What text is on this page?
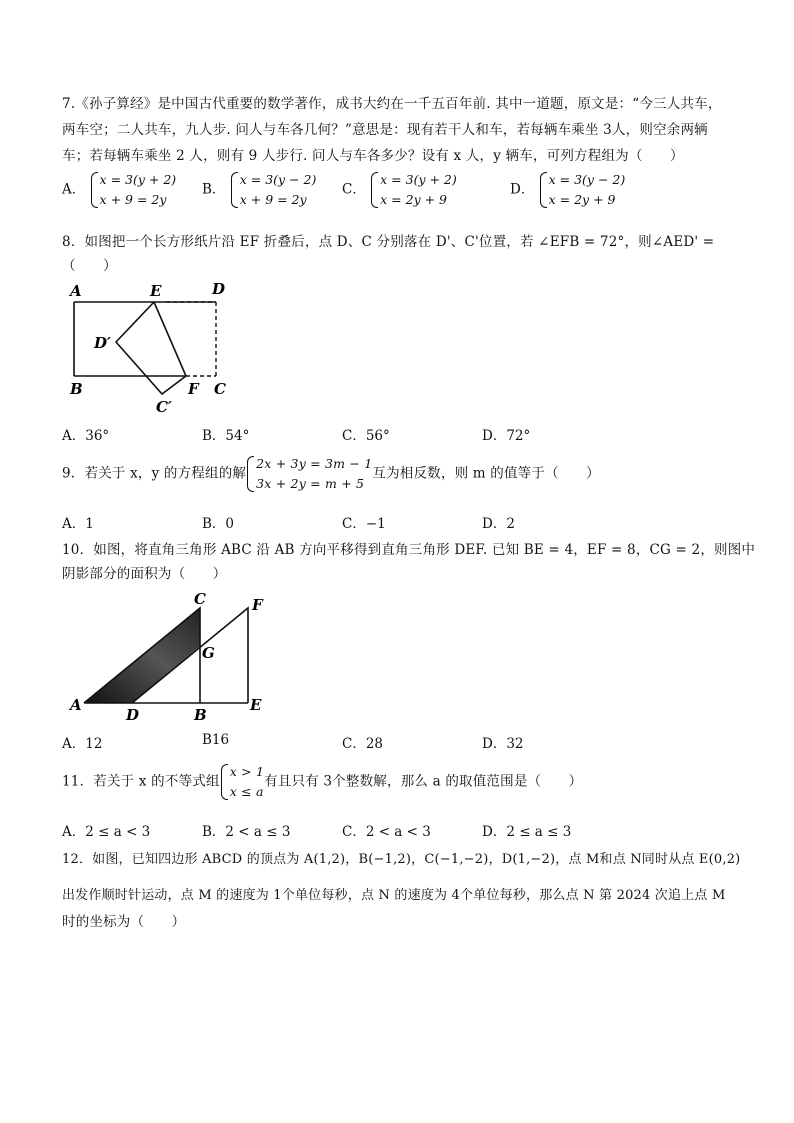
7.《孙子算经》是中国古代重要的数学著作，成书大约在一千五百年前. 其中一道题，原文是：“今三人共车，
两车空；二人共车，九人步. 问人与车各几何？”意思是：现有若干人和车，若每辆车乘坐 3人，则空余两辆
车；若每辆车乘坐 2 人，则有 9 人步行. 问人与车各多少？设有 x 人，y 辆车，可列方程组为（　　）
A．
x = 3(y + 2)
x + 9 = 2y
B．
x = 3(y − 2)
x + 9 = 2y
C．
x = 3(y + 2)
x = 2y + 9
D．
x = 3(y − 2)
x = 2y + 9
8．如图把一个长方形纸片沿 EF 折叠后，点 D、C 分别落在 D'、C'位置，若 ∠EFB = 72°，则∠AED' =
（　　）
A	E	D
D′
B	F C
C′
A．36°	B．54°	C．56°	D．72°
9．若关于 x，y 的方程组的解
2x + 3y = 3m − 1
3x + 2y = m + 5
互为相反数，则 m 的值等于（　　）
A．1	B．0	C．−1	D．2
10．如图，将直角三角形 ABC 沿 AB 方向平移得到直角三角形 DEF. 已知 BE = 4，EF = 8，CG = 2，则图中
阴影部分的面积为（　　）
A
D	B
E
C
G
F
A．12	B16	C．28	D．32
11．若关于 x 的不等式组
x > 1
x ≤ a
有且只有 3个整数解，那么 a 的取值范围是（　　）
A．2 ≤ a < 3	B．2 < a ≤ 3	C．2 < a < 3	D．2 ≤ a ≤ 3
12．如图，已知四边形 ABCD 的顶点为 A(1,2)，B(−1,2)，C(−1,−2)，D(1,−2)，点 M和点 N同时从点 E(0,2)
出发作顺时针运动，点 M 的速度为 1个单位每秒，点 N 的速度为 4个单位每秒，那么点 N 第 2024 次追上点 M
时的坐标为（　　）
